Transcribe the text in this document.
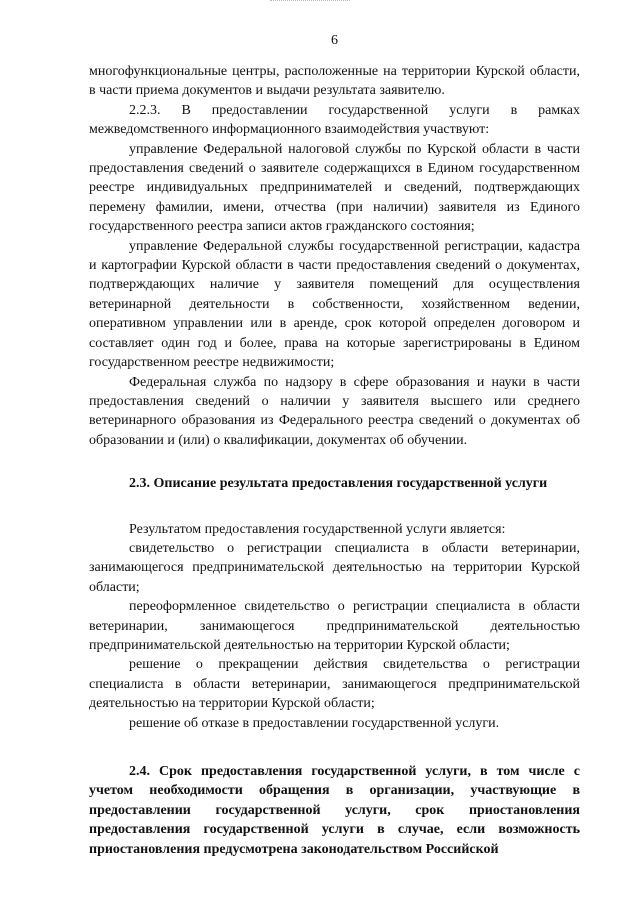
6

многофункциональные центры, расположенные на территории Курской области, в части приема документов и выдачи результата заявителю.

2.2.3. В предоставлении государственной услуги в рамках межведомственного информационного взаимодействия участвуют:

управление Федеральной налоговой службы по Курской области в части предоставления сведений о заявителе содержащихся в Едином государственном реестре индивидуальных предпринимателей и сведений, подтверждающих перемену фамилии, имени, отчества (при наличии) заявителя из Единого государственного реестра записи актов гражданского состояния;

управление Федеральной службы государственной регистрации, кадастра и картографии Курской области в части предоставления сведений о документах, подтверждающих наличие у заявителя помещений для осуществления ветеринарной деятельности в собственности, хозяйственном ведении, оперативном управлении или в аренде, срок которой определен договором и составляет один год и более, права на которые зарегистрированы в Едином государственном реестре недвижимости;

Федеральная служба по надзору в сфере образования и науки в части предоставления сведений о наличии у заявителя высшего или среднего ветеринарного образования из Федерального реестра сведений о документах об образовании и (или) о квалификации, документах об обучении.

2.3. Описание результата предоставления государственной услуги

Результатом предоставления государственной услуги является:

свидетельство о регистрации специалиста в области ветеринарии, занимающегося предпринимательской деятельностью на территории Курской области;

переоформленное свидетельство о регистрации специалиста в области ветеринарии, занимающегося предпринимательской деятельностью предпринимательской деятельностью на территории Курской области;

решение о прекращении действия свидетельства о регистрации специалиста в области ветеринарии, занимающегося предпринимательской деятельностью на территории Курской области;

решение об отказе в предоставлении государственной услуги.

2.4. Срок предоставления государственной услуги, в том числе с учетом необходимости обращения в организации, участвующие в предоставлении государственной услуги, срок приостановления предоставления государственной услуги в случае, если возможность приостановления предусмотрена законодательством Российской
